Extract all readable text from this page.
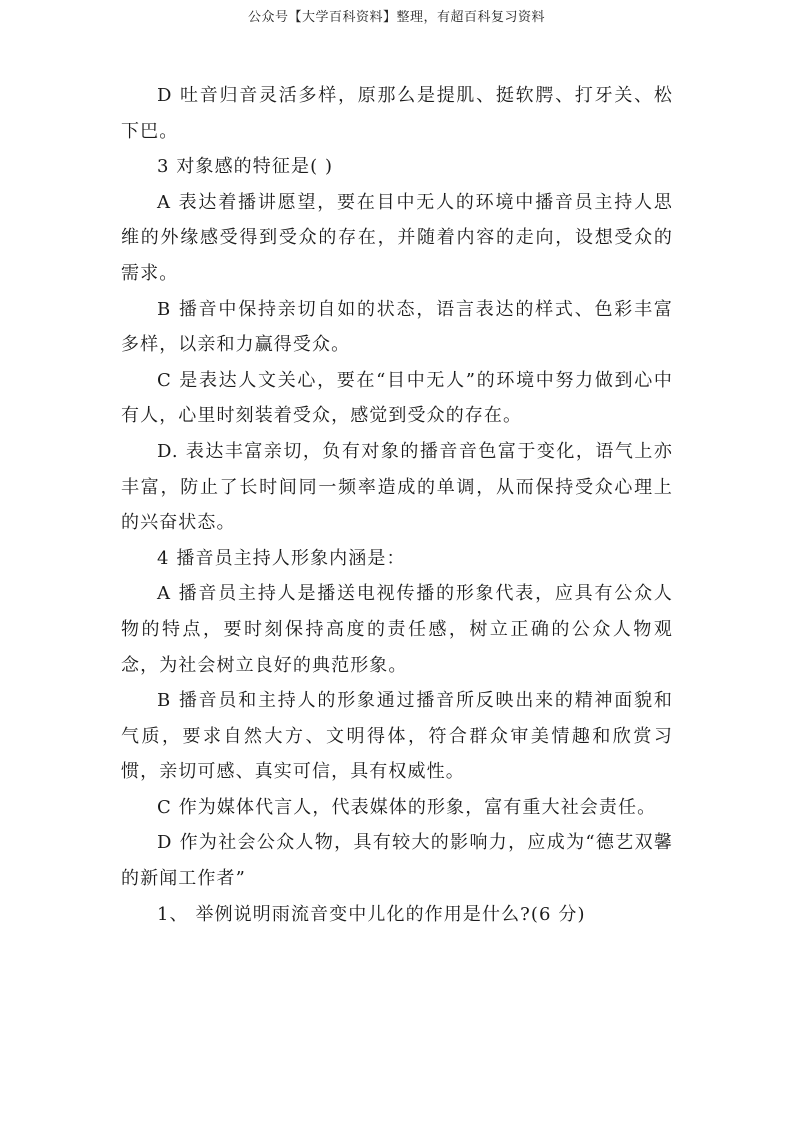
公众号【大学百科资料】整理，有超百科复习资料

D 吐音归音灵活多样，原那么是提肌、挺软腭、打牙关、松下巴。

3 对象感的特征是( )

A 表达着播讲愿望，要在目中无人的环境中播音员主持人思维的外缘感受得到受众的存在，并随着内容的走向，设想受众的需求。

B 播音中保持亲切自如的状态，语言表达的样式、色彩丰富多样，以亲和力赢得受众。

C 是表达人文关心，要在“目中无人”的环境中努力做到心中有人，心里时刻装着受众，感觉到受众的存在。

D. 表达丰富亲切，负有对象的播音音色富于变化，语气上亦丰富，防止了长时间同一频率造成的单调，从而保持受众心理上的兴奋状态。

4 播音员主持人形象内涵是：

A 播音员主持人是播送电视传播的形象代表，应具有公众人物的特点，要时刻保持高度的责任感，树立正确的公众人物观念，为社会树立良好的典范形象。

B 播音员和主持人的形象通过播音所反映出来的精神面貌和气质，要求自然大方、文明得体，符合群众审美情趣和欣赏习惯，亲切可感、真实可信，具有权威性。

C 作为媒体代言人，代表媒体的形象，富有重大社会责任。

D 作为社会公众人物，具有较大的影响力，应成为“德艺双馨的新闻工作者”

1、 举例说明雨流音变中儿化的作用是什么?(6 分)
